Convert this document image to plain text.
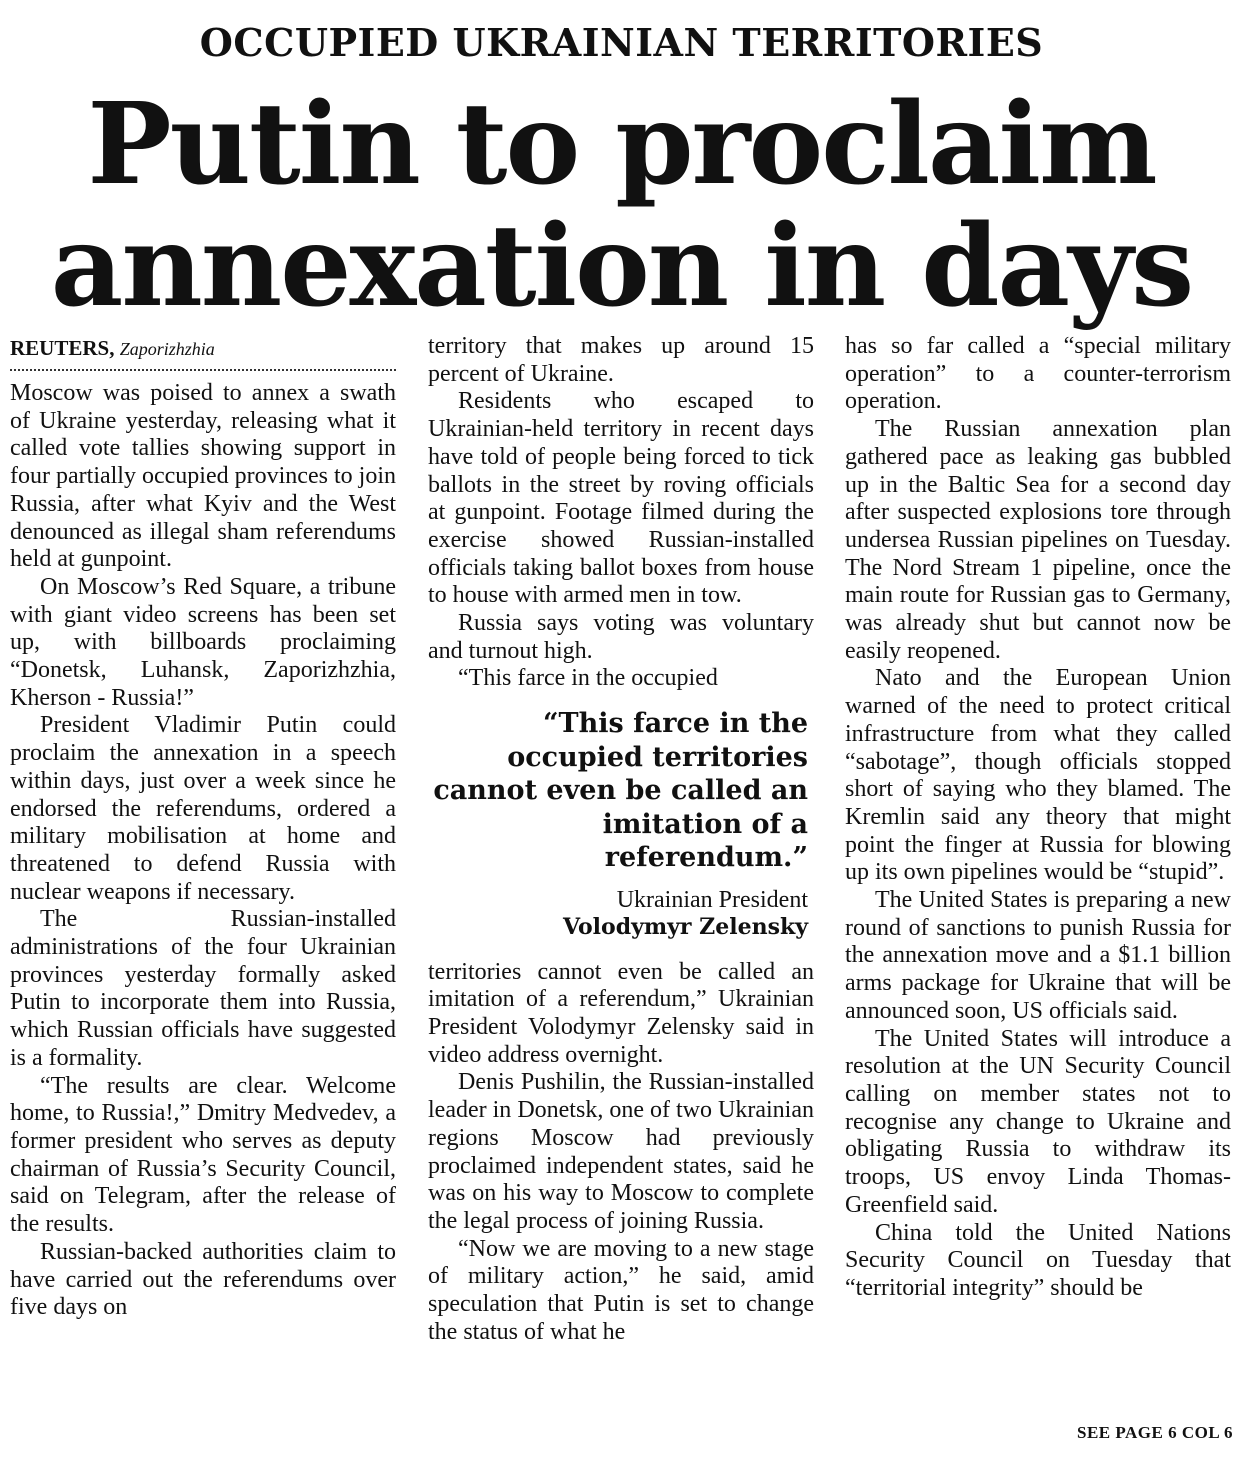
OCCUPIED UKRAINIAN TERRITORIES
Putin to proclaim
annexation in days
REUTERS, Zaporizhzhia

Moscow was poised to annex a swath of Ukraine yesterday, releasing what it called vote tallies showing support in four partially occupied provinces to join Russia, after what Kyiv and the West denounced as illegal sham referendums held at gunpoint.

On Moscow’s Red Square, a tribune with giant video screens has been set up, with billboards proclaiming “Donetsk, Luhansk, Zaporizhzhia, Kherson - Russia!”

President Vladimir Putin could proclaim the annexation in a speech within days, just over a week since he endorsed the referendums, ordered a military mobilisation at home and threatened to defend Russia with nuclear weapons if necessary.

The Russian-installed administrations of the four Ukrainian provinces yesterday formally asked Putin to incorporate them into Russia, which Russian officials have suggested is a formality.

“The results are clear. Welcome home, to Russia!,” Dmitry Medvedev, a former president who serves as deputy chairman of Russia’s Security Council, said on Telegram, after the release of the results.

Russian-backed authorities claim to have carried out the referendums over five days on

territory that makes up around 15 percent of Ukraine.

Residents who escaped to Ukrainian-held territory in recent days have told of people being forced to tick ballots in the street by roving officials at gunpoint. Footage filmed during the exercise showed Russian-installed officials taking ballot boxes from house to house with armed men in tow.

Russia says voting was voluntary and turnout high.

“This farce in the occupied

“This farce in the occupied territories cannot even be called an imitation of a referendum.”
Ukrainian President
Volodymyr Zelensky

territories cannot even be called an imitation of a referendum,” Ukrainian President Volodymyr Zelensky said in video address overnight.

Denis Pushilin, the Russian-installed leader in Donetsk, one of two Ukrainian regions Moscow had previously proclaimed independent states, said he was on his way to Moscow to complete the legal process of joining Russia.

“Now we are moving to a new stage of military action,” he said, amid speculation that Putin is set to change the status of what he

has so far called a “special military operation” to a counter-terrorism operation.

The Russian annexation plan gathered pace as leaking gas bubbled up in the Baltic Sea for a second day after suspected explosions tore through undersea Russian pipelines on Tuesday. The Nord Stream 1 pipeline, once the main route for Russian gas to Germany, was already shut but cannot now be easily reopened.

Nato and the European Union warned of the need to protect critical infrastructure from what they called “sabotage”, though officials stopped short of saying who they blamed. The Kremlin said any theory that might point the finger at Russia for blowing up its own pipelines would be “stupid”.

The United States is preparing a new round of sanctions to punish Russia for the annexation move and a $1.1 billion arms package for Ukraine that will be announced soon, US officials said.

The United States will introduce a resolution at the UN Security Council calling on member states not to recognise any change to Ukraine and obligating Russia to withdraw its troops, US envoy Linda Thomas-Greenfield said.

China told the United Nations Security Council on Tuesday that “territorial integrity” should be

SEE PAGE 6 COL 6
